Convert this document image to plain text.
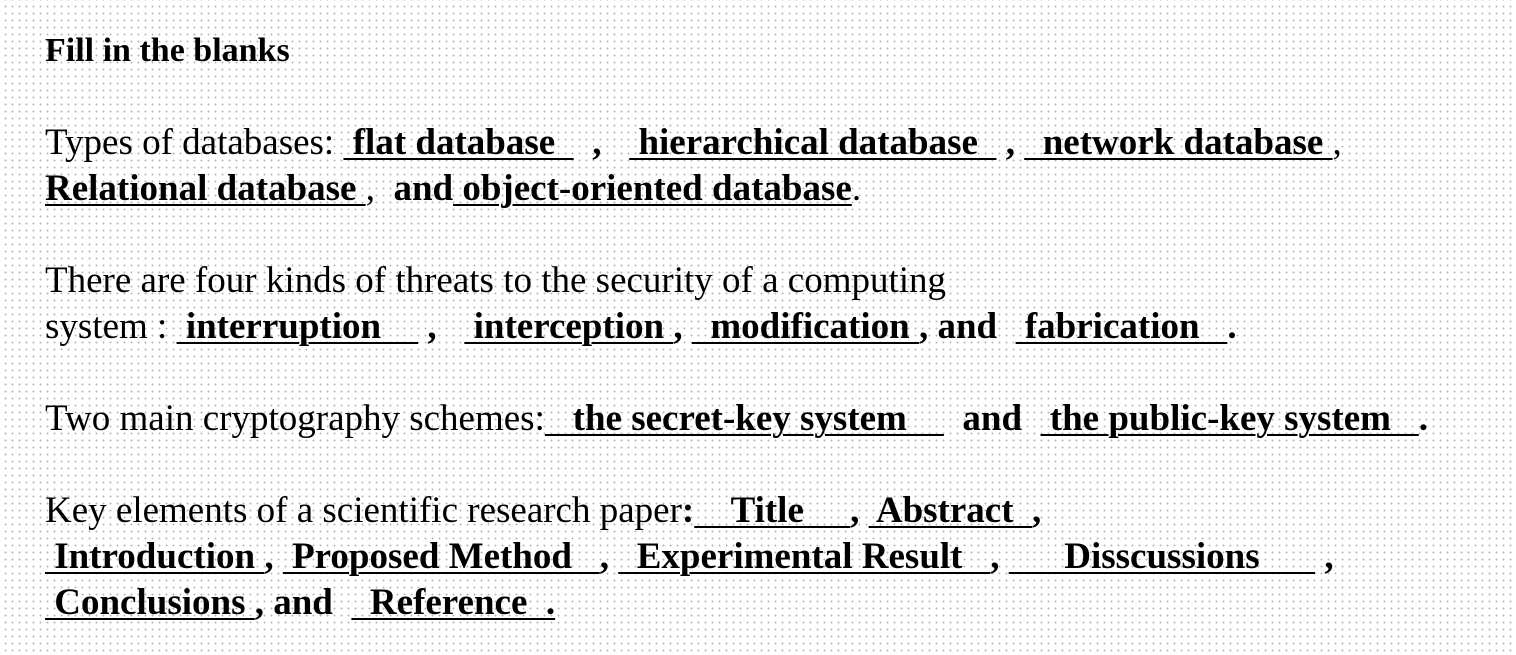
Fill in the blanks
Types of databases:  flat database    ,    hierarchical database   ,   network database ,
Relational database ,  and object-oriented database.
There are four kinds of threats to the security of a computing
system :  interruption     ,    interception ,   modification , and   fabrication   .
Two main cryptography schemes:   the secret-key system      and   the public-key system   .
Key elements of a scientific research paper:    Title     ,  Abstract  ,
Introduction ,  Proposed Method   ,   Experimental Result   ,       Disscussions       ,
Conclusions , and    Reference  .
